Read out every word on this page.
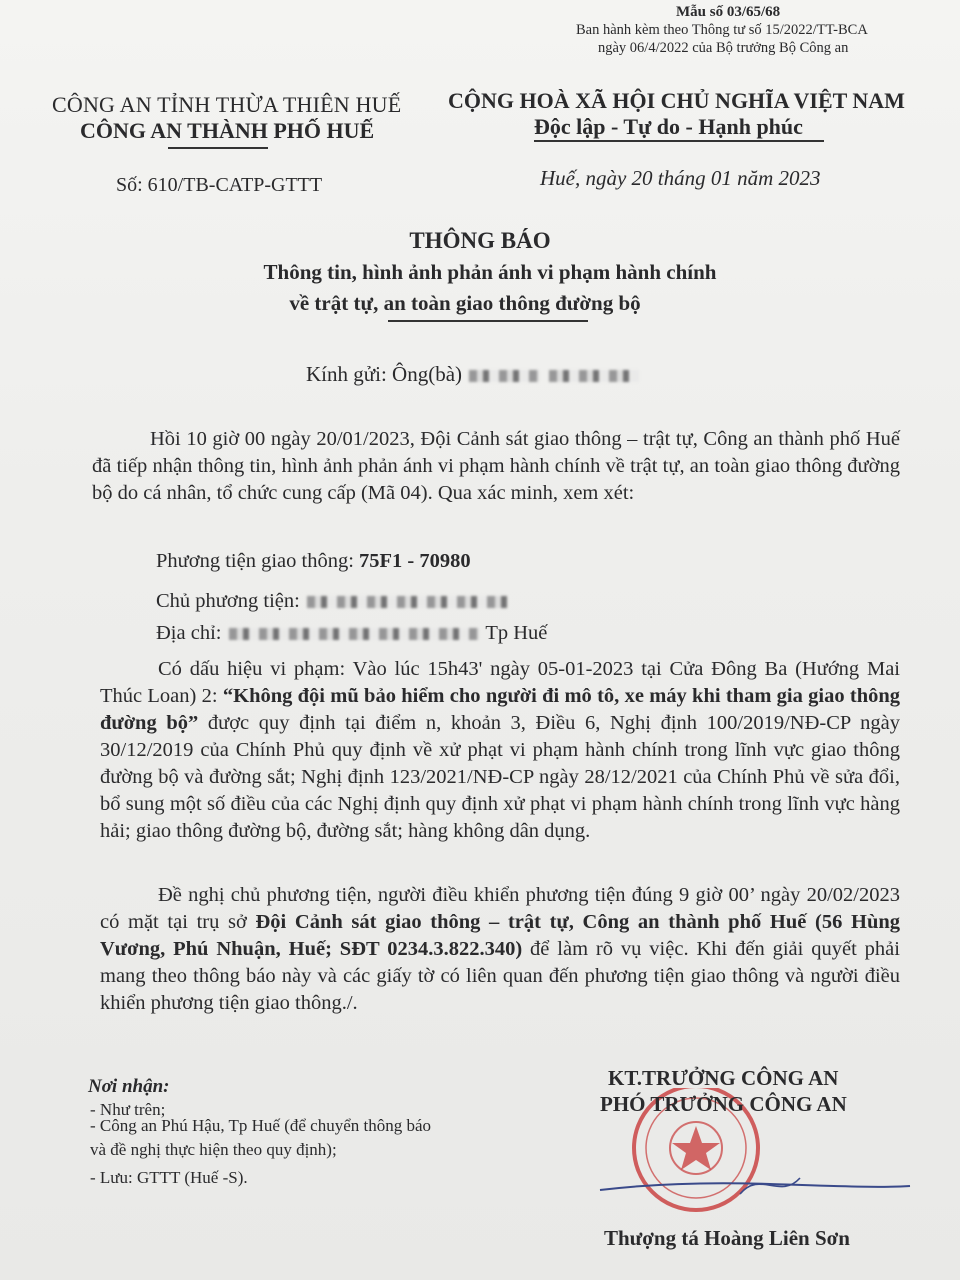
Mẫu số 03/65/68
Ban hành kèm theo Thông tư số 15/2022/TT-BCA
ngày 06/4/2022 của Bộ trưởng Bộ Công an
CÔNG AN TỈNH THỪA THIÊN HUẾ
CÔNG AN THÀNH PHỐ HUẾ
CỘNG HOÀ XÃ HỘI CHỦ NGHĨA VIỆT NAM
Độc lập - Tự do - Hạnh phúc
Số: 610/TB-CATP-GTTT	Huế, ngày 20 tháng 01 năm 2023
THÔNG BÁO
Thông tin, hình ảnh phản ánh vi phạm hành chính
về trật tự, an toàn giao thông đường bộ
Kính gửi: Ông(bà)
Hồi 10 giờ 00 ngày 20/01/2023, Đội Cảnh sát giao thông – trật tự, Công an thành phố Huế đã tiếp nhận thông tin, hình ảnh phản ánh vi phạm hành chính về trật tự, an toàn giao thông đường bộ do cá nhân, tổ chức cung cấp (Mã 04). Qua xác minh, xem xét:
Phương tiện giao thông: 75F1 - 70980
Chủ phương tiện:
Địa chỉ:	Tp Huế
Có dấu hiệu vi phạm: Vào lúc 15h43' ngày 05-01-2023 tại Cửa Đông Ba (Hướng Mai Thúc Loan) 2: “Không đội mũ bảo hiểm cho người đi mô tô, xe máy khi tham gia giao thông đường bộ” được quy định tại điểm n, khoản 3, Điều 6, Nghị định 100/2019/NĐ-CP ngày 30/12/2019 của Chính Phủ quy định về xử phạt vi phạm hành chính trong lĩnh vực giao thông đường bộ và đường sắt; Nghị định 123/2021/NĐ-CP ngày 28/12/2021 của Chính Phủ về sửa đổi, bổ sung một số điều của các Nghị định quy định xử phạt vi phạm hành chính trong lĩnh vực hàng hải; giao thông đường bộ, đường sắt; hàng không dân dụng.
Đề nghị chủ phương tiện, người điều khiển phương tiện đúng 9 giờ 00’ ngày 20/02/2023 có mặt tại trụ sở Đội Cảnh sát giao thông – trật tự, Công an thành phố Huế (56 Hùng Vương, Phú Nhuận, Huế; SĐT 0234.3.822.340) để làm rõ vụ việc. Khi đến giải quyết phải mang theo thông báo này và các giấy tờ có liên quan đến phương tiện giao thông và người điều khiển phương tiện giao thông./.
Nơi nhận:
- Như trên;
- Công an Phú Hậu, Tp Huế (để chuyển thông báo
và đề nghị thực hiện theo quy định);
- Lưu: GTTT (Huế -S).
KT.TRƯỞNG CÔNG AN
PHÓ TRƯỞNG CÔNG AN
Thượng tá Hoàng Liên Sơn
